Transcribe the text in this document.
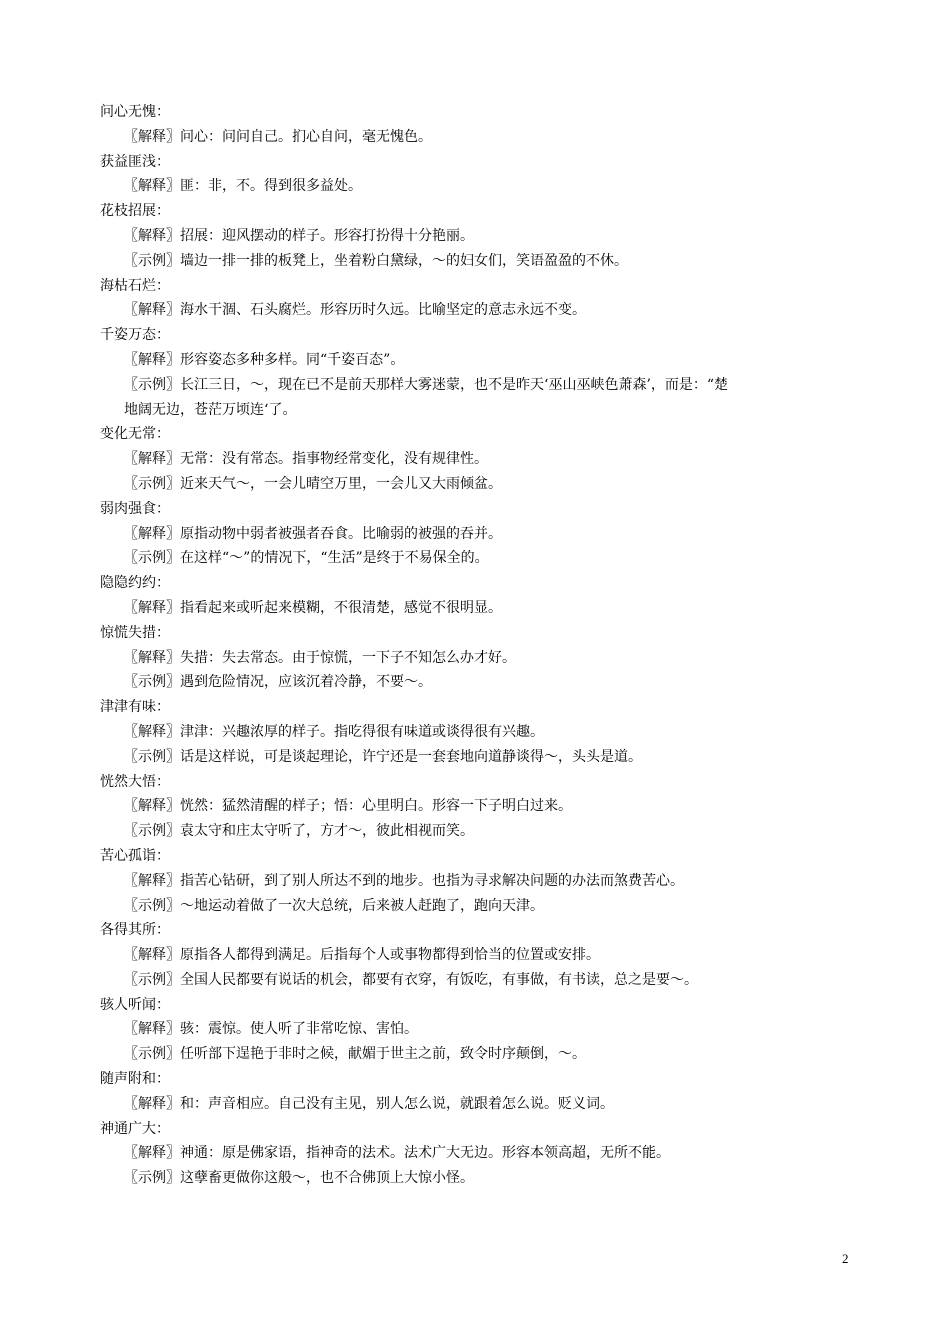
问心无愧：
〖解释〗问心：问问自己。扪心自问，毫无愧色。
获益匪浅：
〖解释〗匪：非，不。得到很多益处。
花枝招展：
〖解释〗招展：迎风摆动的样子。形容打扮得十分艳丽。
〖示例〗墙边一排一排的板凳上，坐着粉白黛绿，～的妇女们，笑语盈盈的不休。
海枯石烂：
〖解释〗海水干涸、石头腐烂。形容历时久远。比喻坚定的意志永远不变。
千姿万态：
〖解释〗形容姿态多种多样。同“千姿百态”。
〖示例〗长江三日，～，现在已不是前天那样大雾迷蒙，也不是昨天‘巫山巫峡色萧森’，而是：“楚
地阔无边，苍茫万顷连‘了。
变化无常：
〖解释〗无常：没有常态。指事物经常变化，没有规律性。
〖示例〗近来天气～，一会儿晴空万里，一会儿又大雨倾盆。
弱肉强食：
〖解释〗原指动物中弱者被强者吞食。比喻弱的被强的吞并。
〖示例〗在这样“～”的情况下，“生活”是终于不易保全的。
隐隐约约：
〖解释〗指看起来或听起来模糊，不很清楚，感觉不很明显。
惊慌失措：
〖解释〗失措：失去常态。由于惊慌，一下子不知怎么办才好。
〖示例〗遇到危险情况，应该沉着冷静，不要～。
津津有味：
〖解释〗津津：兴趣浓厚的样子。指吃得很有味道或谈得很有兴趣。
〖示例〗话是这样说，可是谈起理论，许宁还是一套套地向道静谈得～，头头是道。
恍然大悟：
〖解释〗恍然：猛然清醒的样子；悟：心里明白。形容一下子明白过来。
〖示例〗袁太守和庄太守听了，方才～，彼此相视而笑。
苦心孤诣：
〖解释〗指苦心钻研，到了别人所达不到的地步。也指为寻求解决问题的办法而煞费苦心。
〖示例〗～地运动着做了一次大总统，后来被人赶跑了，跑向天津。
各得其所：
〖解释〗原指各人都得到满足。后指每个人或事物都得到恰当的位置或安排。
〖示例〗全国人民都要有说话的机会，都要有衣穿，有饭吃，有事做，有书读，总之是要～。
骇人听闻：
〖解释〗骇：震惊。使人听了非常吃惊、害怕。
〖示例〗任听部下逞艳于非时之候，献媚于世主之前，致令时序颠倒，～。
随声附和：
〖解释〗和：声音相应。自己没有主见，别人怎么说，就跟着怎么说。贬义词。
神通广大：
〖解释〗神通：原是佛家语，指神奇的法术。法术广大无边。形容本领高超，无所不能。
〖示例〗这孽畜更做你这般～，也不合佛顶上大惊小怪。
2
